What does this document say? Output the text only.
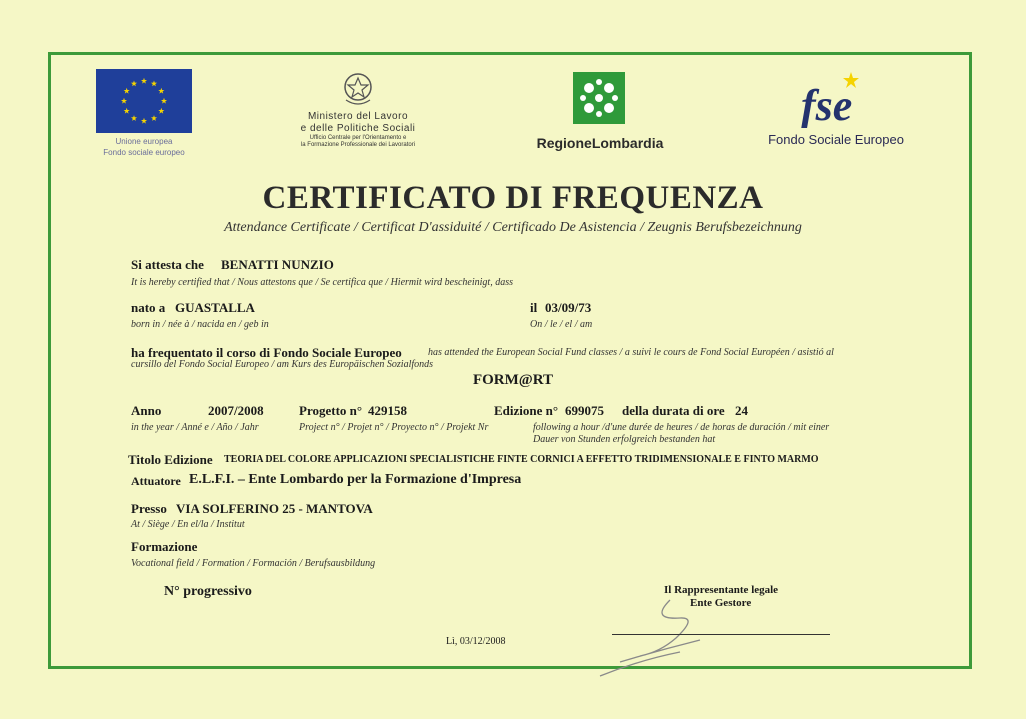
Unione europea
Fondo sociale europeo
Ministero del Lavoro
e delle Politiche Sociali
Ufficio Centrale per l'Orientamento e
la Formazione Professionale dei Lavoratori	RegioneLombardia
fse
Fondo Sociale Europeo
CERTIFICATO DI FREQUENZA
Attendance Certificate / Certificat D'assiduité / Certificado De Asistencia / Zeugnis Berufsbezeichnung
Si attesta che BENATTI NUNZIO
It is hereby certified that / Nous attestons que / Se certifica que / Hiermit wird bescheinigt, dass
nato a GUASTALLA
born in / née à / nacida en / geb in
il 03/09/73
On / le / el / am
ha frequentato il corso di Fondo Sociale Europeo	has attended the European Social Fund classes / a suivi le cours de Fond Social Européen / asistió al
cursillo del Fondo Social Europeo / am Kurs des Europäischen Sozialfonds
FORM@RT
Anno	2007/2008
in the year / Anné e / Año / Jahr
Progetto n° 429158
Project n° / Projet n° / Proyecto n° / Projekt Nr
Edizione n° 699075 della durata di ore 24
following a hour /d'une durée de heures / de horas de duración / mit einer
Dauer von Stunden erfolgreich bestanden hat
Titolo Edizione TEORIA DEL COLORE APPLICAZIONI SPECIALISTICHE FINTE CORNICI A EFFETTO TRIDIMENSIONALE E FINTO MARMO
Attuatore E.L.F.I. – Ente Lombardo per la Formazione d'Impresa
Presso VIA SOLFERINO 25 - MANTOVA
At / Siège / En el/la / Institut
Formazione
Vocational field / Formation / Formación / Berufsausbildung
N° progressivo	Il Rappresentante legale
Ente Gestore
Lì, 03/12/2008
